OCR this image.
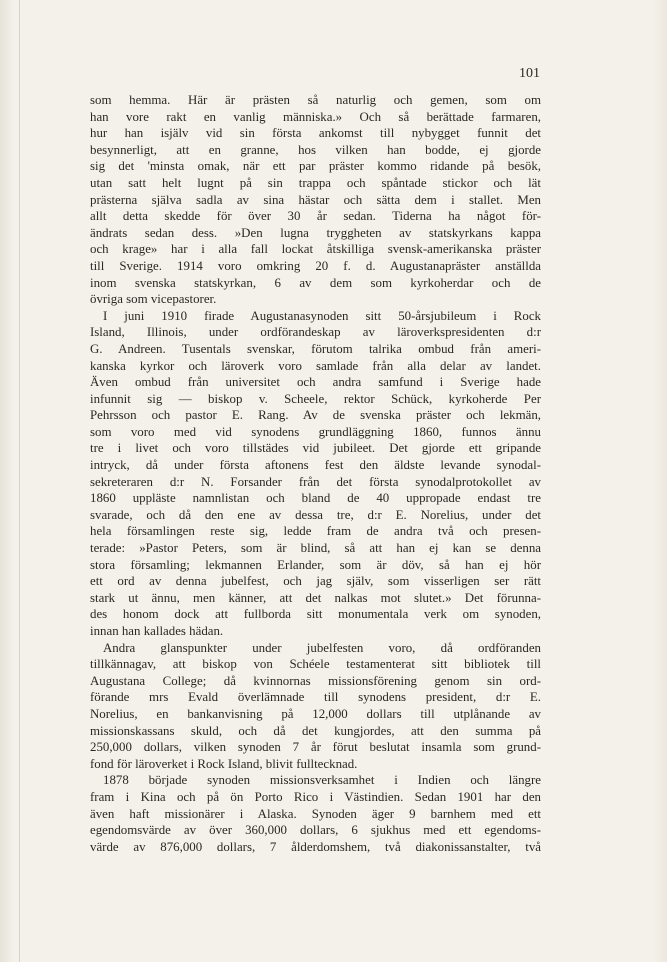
101
som hemma. Här är prästen så naturlig och gemen, som om
han vore rakt en vanlig människa.» Och så berättade farmaren,
hur han isjälv vid sin första ankomst till nybygget funnit det
besynnerligt, att en granne, hos vilken han bodde, ej gjorde
sig det 'minsta omak, när ett par präster kommo ridande på besök,
utan satt helt lugnt på sin trappa och spåntade stickor och lät
prästerna själva sadla av sina hästar och sätta dem i stallet. Men
allt detta skedde för över 30 år sedan. Tiderna ha något för-
ändrats sedan dess. »Den lugna tryggheten av statskyrkans kappa
och krage» har i alla fall lockat åtskilliga svensk-amerikanska präster
till Sverige. 1914 voro omkring 20 f. d. Augustanapräster anställda
inom svenska statskyrkan, 6 av dem som kyrkoherdar och de
övriga som vicepastorer.
I juni 1910 firade Augustanasynoden sitt 50-årsjubileum i Rock
Island, Illinois, under ordförandeskap av läroverkspresidenten d:r
G. Andreen. Tusentals svenskar, förutom talrika ombud från ameri-
kanska kyrkor och läroverk voro samlade från alla delar av landet.
Även ombud från universitet och andra samfund i Sverige hade
infunnit sig — biskop v. Scheele, rektor Schück, kyrkoherde Per
Pehrsson och pastor E. Rang. Av de svenska präster och lekmän,
som voro med vid synodens grundläggning 1860, funnos ännu
tre i livet och voro tillstädes vid jubileet. Det gjorde ett gripande
intryck, då under första aftonens fest den äldste levande synodal-
sekreteraren d:r N. Forsander från det första synodalprotokollet av
1860 uppläste namnlistan och bland de 40 uppropade endast tre
svarade, och då den ene av dessa tre, d:r E. Norelius, under det
hela församlingen reste sig, ledde fram de andra två och presen-
terade: »Pastor Peters, som är blind, så att han ej kan se denna
stora församling; lekmannen Erlander, som är döv, så han ej hör
ett ord av denna jubelfest, och jag själv, som visserligen ser rätt
stark ut ännu, men känner, att det nalkas mot slutet.» Det förunna-
des honom dock att fullborda sitt monumentala verk om synoden,
innan han kallades hädan.
Andra glanspunkter under jubelfesten voro, då ordföranden
tillkännagav, att biskop von Schéele testamenterat sitt bibliotek till
Augustana College; då kvinnornas missionsförening genom sin ord-
förande mrs Evald överlämnade till synodens president, d:r E.
Norelius, en bankanvisning på 12,000 dollars till utplånande av
missionskassans skuld, och då det kungjordes, att den summa på
250,000 dollars, vilken synoden 7 år förut beslutat insamla som grund-
fond för läroverket i Rock Island, blivit fulltecknad.
1878 började synoden missionsverksamhet i Indien och längre
fram i Kina och på ön Porto Rico i Västindien. Sedan 1901 har den
även haft missionärer i Alaska. Synoden äger 9 barnhem med ett
egendomsvärde av över 360,000 dollars, 6 sjukhus med ett egendoms-
värde av 876,000 dollars, 7 ålderdomshem, två diakonissanstalter, två
